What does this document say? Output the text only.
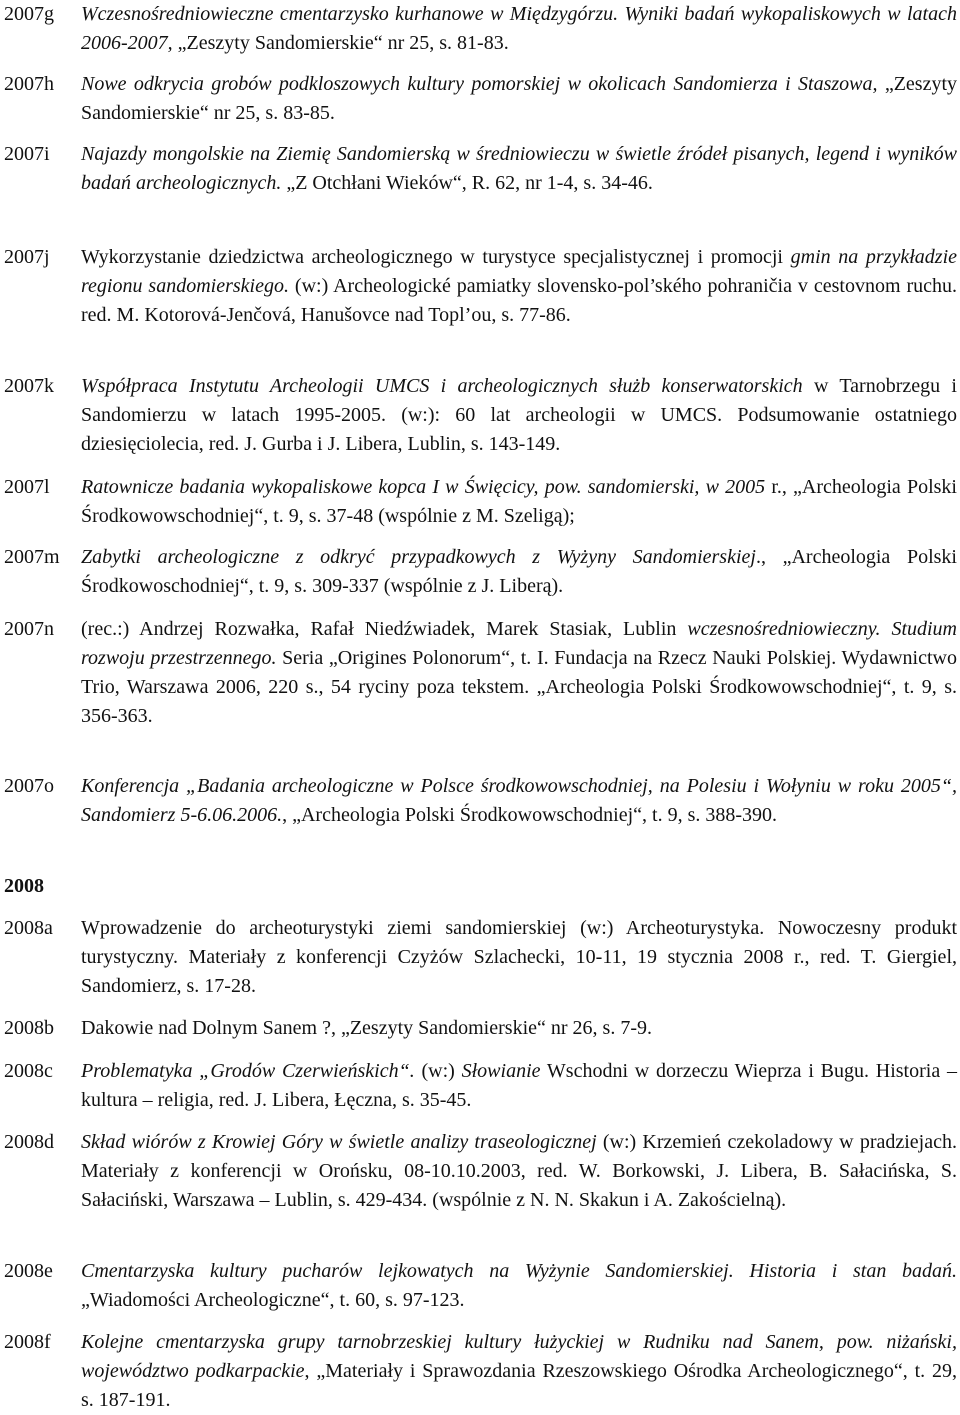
2007g Wczesnośredniowieczne cmentarzysko kurhanowe w Międzygórzu. Wyniki badań wykopaliskowych w latach 2006-2007, „Zeszyty Sandomierskie“ nr 25, s. 81-83.
2007h Nowe odkrycia grobów podkloszowych kultury pomorskiej w okolicach Sandomierza i Staszowa, „Zeszyty Sandomierskie“ nr 25, s. 83-85.
2007i Najazdy mongolskie na Ziemię Sandomierską w średniowieczu w świetle źródeł pisanych, legend i wyników badań archeologicznych. „Z Otchłani Wieków“, R. 62, nr 1-4, s. 34-46.
2007j Wykorzystanie dziedzictwa archeologicznego w turystyce specjalistycznej i promocji gmin na przykładzie regionu sandomierskiego. (w:) Archeologické pamiatky slovensko-pol’ského pohraničia v cestovnom ruchu. red. M. Kotorová-Jenčová, Hanušovce nad Topl’ou, s. 77-86.
2007k Współpraca Instytutu Archeologii UMCS i archeologicznych służb konserwatorskich w Tarnobrzegu i Sandomierzu w latach 1995-2005. (w:): 60 lat archeologii w UMCS. Podsumowanie ostatniego dziesięciolecia, red. J. Gurba i J. Libera, Lublin, s. 143-149.
2007l Ratownicze badania wykopaliskowe kopca I w Święcicy, pow. sandomierski, w 2005 r., „Archeologia Polski Środkowowschodniej“, t. 9, s. 37-48 (wspólnie z M. Szeligą);
2007m Zabytki archeologiczne z odkryć przypadkowych z Wyżyny Sandomierskiej., „Archeologia Polski Środkowoschodniej“, t. 9, s. 309-337 (wspólnie z J. Liberą).
2007n (rec.:) Andrzej Rozwałka, Rafał Niedźwiadek, Marek Stasiak, Lublin wczesnośredniowieczny. Studium rozwoju przestrzennego. Seria „Origines Polonorum“, t. I. Fundacja na Rzecz Nauki Polskiej. Wydawnictwo Trio, Warszawa 2006, 220 s., 54 ryciny poza tekstem. „Archeologia Polski Środkowowschodniej“, t. 9, s. 356-363.
2007o Konferencja „Badania archeologiczne w Polsce środkowowschodniej, na Polesiu i Wołyniu w roku 2005“, Sandomierz 5-6.06.2006., „Archeologia Polski Środkowowschodniej“, t. 9, s. 388-390.
2008
2008a Wprowadzenie do archeoturystyki ziemi sandomierskiej (w:) Archeoturystyka. Nowoczesny produkt turystyczny. Materiały z konferencji Czyżów Szlachecki, 10-11, 19 stycznia 2008 r., red. T. Giergiel, Sandomierz, s. 17-28.
2008b Dakowie nad Dolnym Sanem ?, „Zeszyty Sandomierskie“ nr 26, s. 7-9.
2008c Problematyka „Grodów Czerwieńskich“. (w:) Słowianie Wschodni w dorzeczu Wieprza i Bugu. Historia – kultura – religia, red. J. Libera, Łęczna, s. 35-45.
2008d Skład wiórów z Krowiej Góry w świetle analizy traseologicznej (w:) Krzemień czekoladowy w pradziejach. Materiały z konferencji w Orońsku, 08-10.10.2003, red. W. Borkowski, J. Libera, B. Sałacińska, S. Sałaciński, Warszawa – Lublin, s. 429-434. (wspólnie z N. N. Skakun i A. Zakościelną).
2008e Cmentarzyska kultury pucharów lejkowatych na Wyżynie Sandomierskiej. Historia i stan badań. „Wiadomości Archeologiczne“, t. 60, s. 97-123.
2008f Kolejne cmentarzyska grupy tarnobrzeskiej kultury łużyckiej w Rudniku nad Sanem, pow. niżański, województwo podkarpackie, „Materiały i Sprawozdania Rzeszowskiego Ośrodka Archeologicznego“, t. 29, s. 187-191.
